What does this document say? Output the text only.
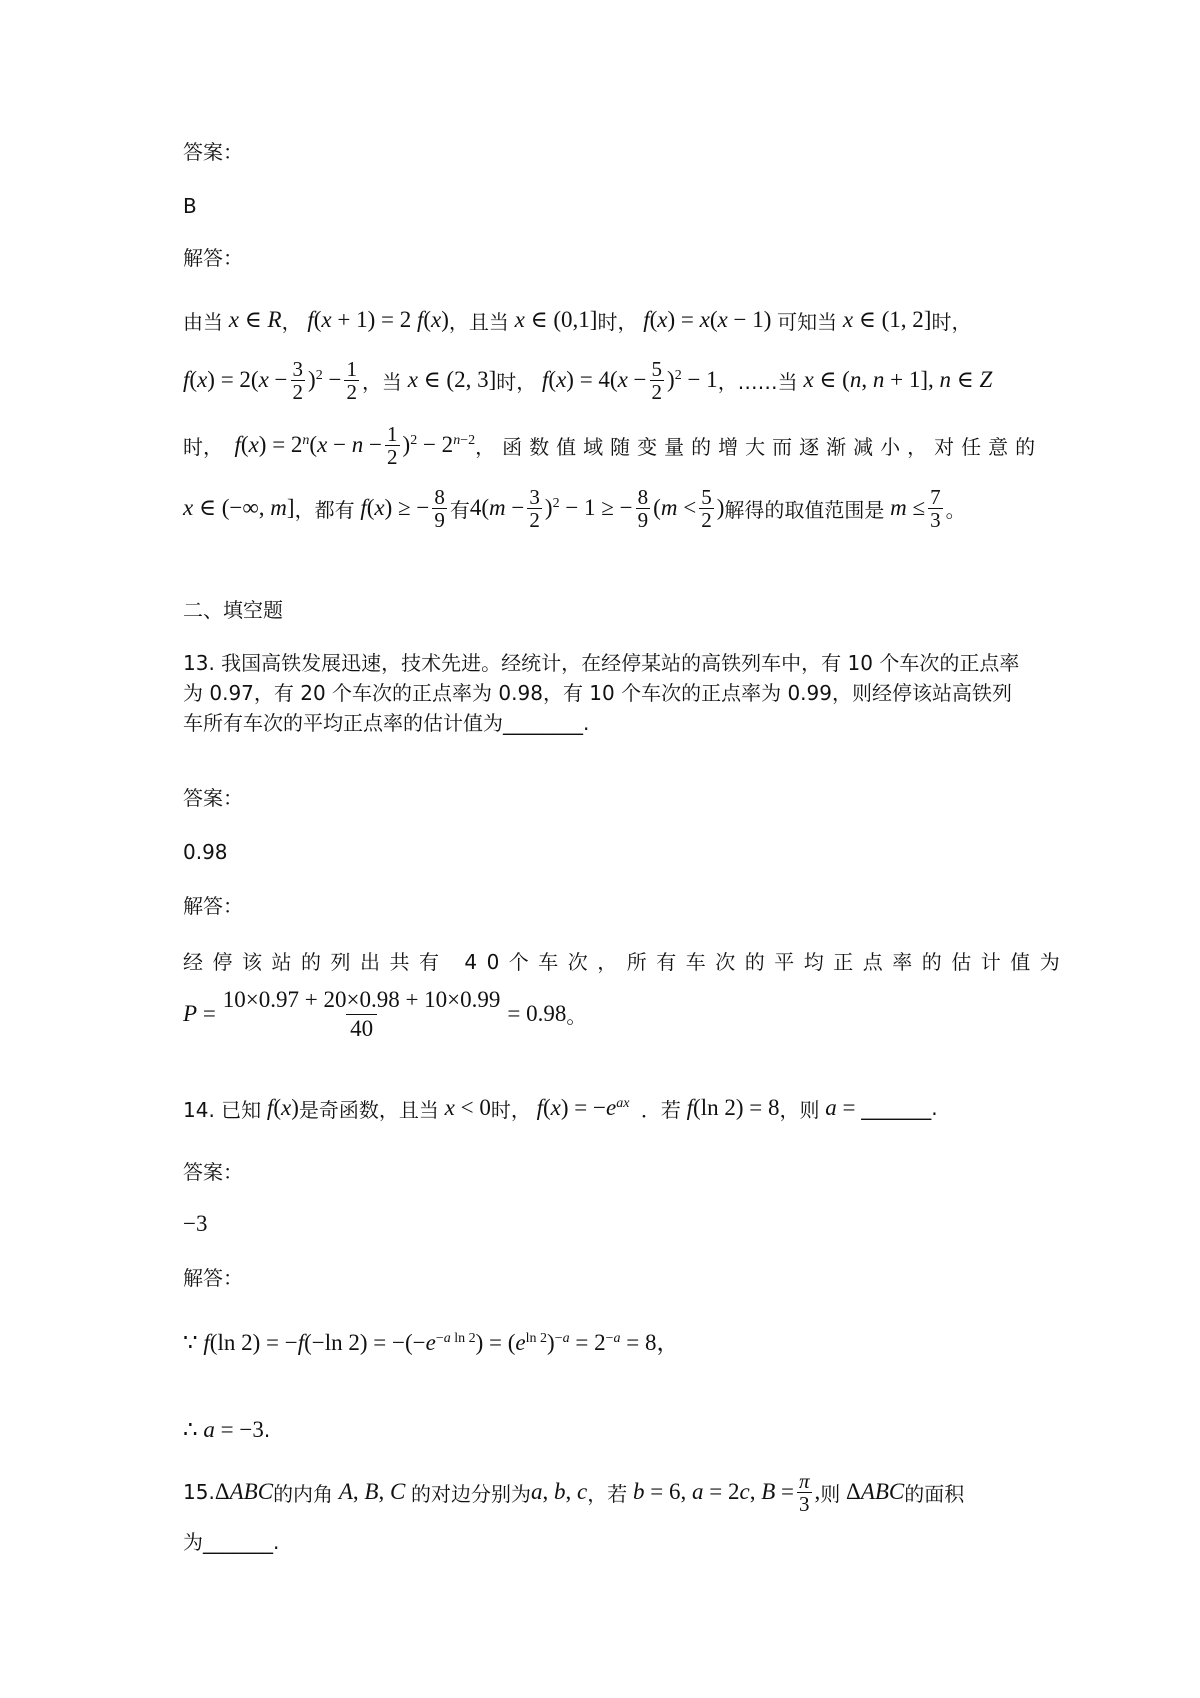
答案：
B
解答：
由当 x ∈ R ， f(x + 1) = 2 f(x) ，且当 x ∈ (0,1] 时， f(x) = x(x − 1) 可知当 x ∈ (1, 2] 时，
$f(x) = 2(x - \frac{3}{2} )^2 - \frac{1}{2}$ ，当 x ∈ (2, 3] 时， $f(x) = 4(x - \frac{5}{2} )^2 - 1$ ，……当 x ∈ (n, n + 1], n ∈ Z
时， $f(x) = 2^n(x - n - \frac{1}{2} )^2 - 2^{n-2}$ ，函数值域随变量的增大而逐渐减小，对任意的
x ∈ (−∞, m] ，都有 f(x) ≥ − $\frac{8}{9}$ 有 $4(m - \frac{3}{2} )^2 - 1$ ≥ − $\frac{8}{9} (m < \frac{5}{2}$ ) 解得的取值范围是 $m \le \frac{7}{3}$ 。
二、填空题
13. 我国高铁发展迅速，技术先进。经统计，在经停某站的高铁列车中，有 10 个车次的正点率为 0.97，有 20 个车次的正点率为 0.98，有 10 个车次的正点率为 0.99，则经停该站高铁列车所有车次的平均正点率的估计值为________.
答案：
0.98
解答：
经停该站的列出共有 40个车次，所有车次的平均正点率的估计值为
$P = \frac{10\times 0.97 + 20\times 0.98 + 10\times 0.99}{40} = 0.98$ 。
14. 已知 f(x) 是奇函数，且当 x < 0 时， $f(x) = -e^{ax}$ ．若 f(ln 2) = 8 ，则 a = _______.
答案：
−3
解答：
∵ f(ln 2) = −f(−ln $2) = -(-e^{-a ln 2}) = (e^{ln 2})^{-a} = 2^{-a} = 8$，
∴ a = −3 .
15. ΔABC 的内角 A, B, C 的对边分别为 a, b, c ，若 b = 6, a = 2c, $B = \frac{\pi}{3}$ , 则 ΔABC 的面积
为_______.
